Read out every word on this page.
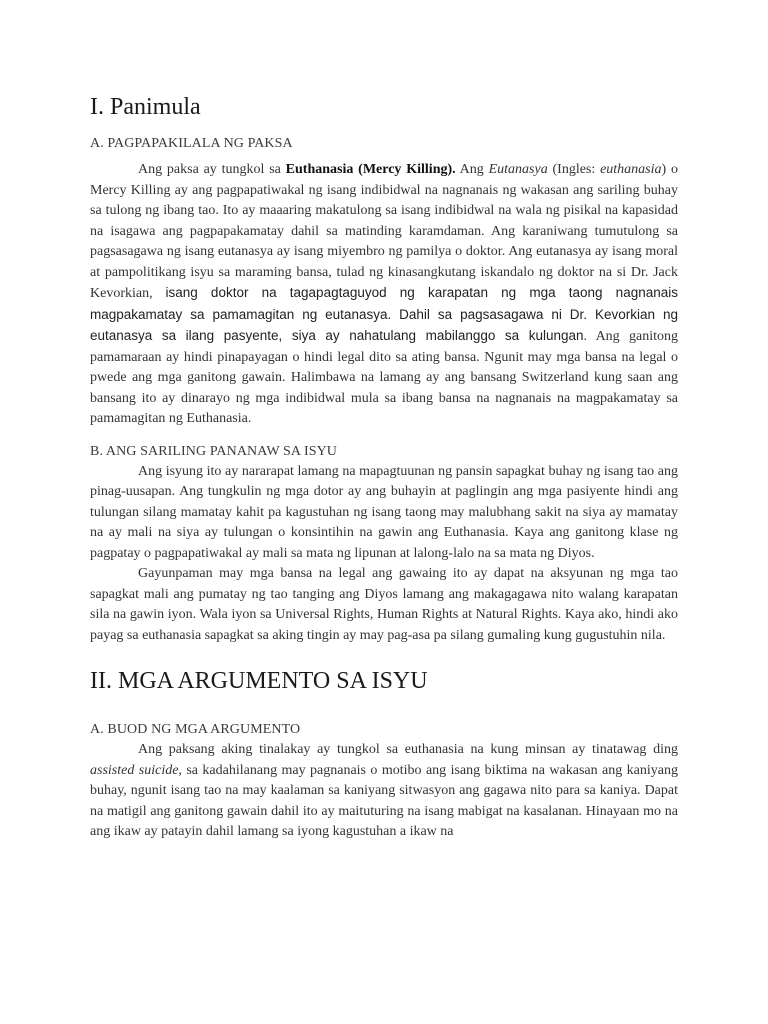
I. Panimula
A. PAGPAPAKILALA NG PAKSA

Ang paksa ay tungkol sa Euthanasia (Mercy Killing). Ang Eutanasya (Ingles: euthanasia) o Mercy Killing ay ang pagpapatiwakal ng isang indibidwal na nagnanais ng wakasan ang sariling buhay sa tulong ng ibang tao. Ito ay maaaring makatulong sa isang indibidwal na wala ng pisikal na kapasidad na isagawa ang pagpapakamatay dahil sa matinding karamdaman. Ang karaniwang tumutulong sa pagsasagawa ng isang eutanasya ay isang miyembro ng pamilya o doktor. Ang eutanasya ay isang moral at pampolitikang isyu sa maraming bansa, tulad ng kinasangkutang iskandalo ng doktor na si Dr. Jack Kevorkian, isang doktor na tagapagtaguyod ng karapatan ng mga taong nagnanais magpakamatay sa pamamagitan ng eutanasya. Dahil sa pagsasagawa ni Dr. Kevorkian ng eutanasya sa ilang pasyente, siya ay nahatulang mabilanggo sa kulungan. Ang ganitong pamamaraan ay hindi pinapayagan o hindi legal dito sa ating bansa. Ngunit may mga bansa na legal o pwede ang mga ganitong gawain. Halimbawa na lamang ay ang bansang Switzerland kung saan ang bansang ito ay dinarayo ng mga indibidwal mula sa ibang bansa na nagnanais na magpakamatay sa pamamagitan ng Euthanasia.

B. ANG SARILING PANANAW SA ISYU

Ang isyung ito ay nararapat lamang na mapagtuunan ng pansin sapagkat buhay ng isang tao ang pinag-uusapan. Ang tungkulin ng mga dotor ay ang buhayin at paglingin ang mga pasiyente hindi ang tulungan silang mamatay kahit pa kagustuhan ng isang taong may malubhang sakit na siya ay mamatay na ay mali na siya ay tulungan o konsintihin na gawin ang Euthanasia. Kaya ang ganitong klase ng pagpatay o pagpapatiwakal ay mali sa mata ng lipunan at lalong-lalo na sa mata ng Diyos.

Gayunpaman may mga bansa na legal ang gawaing ito ay dapat na aksyunan ng mga tao sapagkat mali ang pumatay ng tao tanging ang Diyos lamang ang makagagawa nito walang karapatan sila na gawin iyon. Wala iyon sa Universal Rights, Human Rights at Natural Rights. Kaya ako, hindi ako payag sa euthanasia sapagkat sa aking tingin ay may pag-asa pa silang gumaling kung gugustuhin nila.

II. MGA ARGUMENTO SA ISYU
A. BUOD NG MGA ARGUMENTO

Ang paksang aking tinalakay ay tungkol sa euthanasia na kung minsan ay tinatawag ding assisted suicide, sa kadahilanang may pagnanais o motibo ang isang biktima na wakasan ang kaniyang buhay, ngunit isang tao na may kaalaman sa kaniyang sitwasyon ang gagawa nito para sa kaniya. Dapat na matigil ang ganitong gawain dahil ito ay maituturing na isang mabigat na kasalanan. Hinayaan mo na ang ikaw ay patayin dahil lamang sa iyong kagustuhan a ikaw na
